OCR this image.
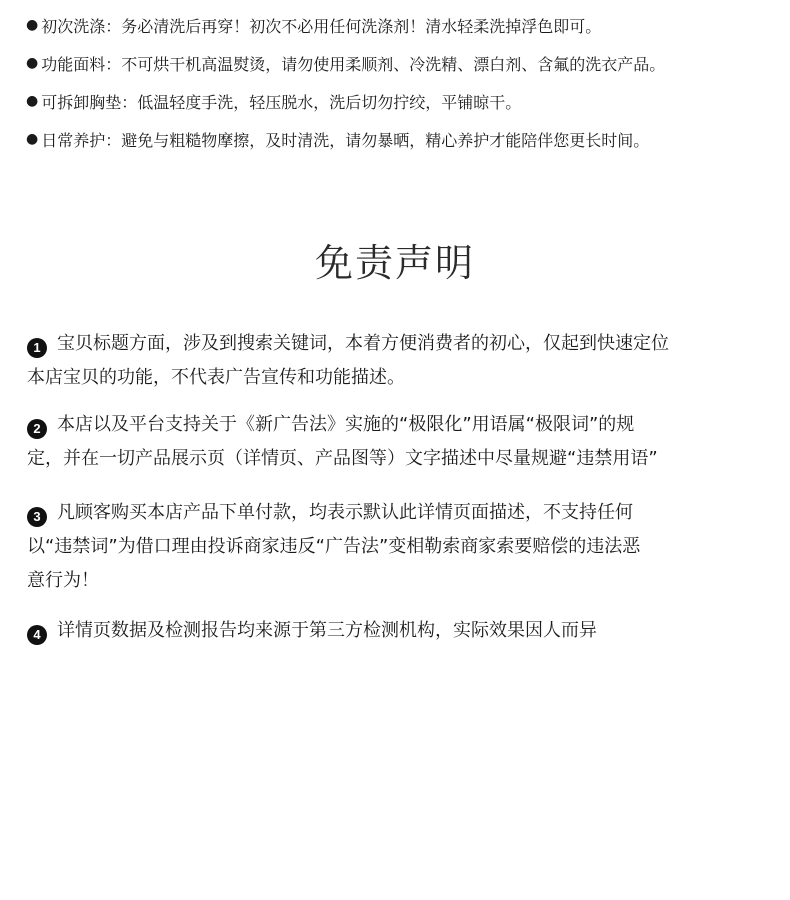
● 初次洗涤： 务必清洗后再穿！初次不必用任何洗涤剂！清水轻柔洗掉浮色即可。
● 功能面料： 不可烘干机高温熨烫，请勿使用柔顺剂、冷洗精、漂白剂、含氟的洗衣产品。
● 可拆卸胸垫： 低温轻度手洗，轻压脱水，洗后切勿拧绞，平铺晾干。
● 日常养护： 避免与粗糙物摩擦，及时清洗，请勿暴晒，精心养护才能陪伴您更长时间。
免责声明

1 宝贝标题方面，涉及到搜索关键词，本着方便消费者的初心，仅起到快速定位
本店宝贝的功能，不代表广告宣传和功能描述。

2 本店以及平台支持关于《新广告法》实施的“极限化”用语属“极限词”的规
定，并在一切产品展示页（详情页、产品图等）文字描述中尽量规避“违禁用语”

3 凡顾客购买本店产品下单付款，均表示默认此详情页面描述，不支持任何
以“违禁词”为借口理由投诉商家违反“广告法”变相勒索商家索要赔偿的违法恶
意行为！

4 详情页数据及检测报告均来源于第三方检测机构，实际效果因人而异
